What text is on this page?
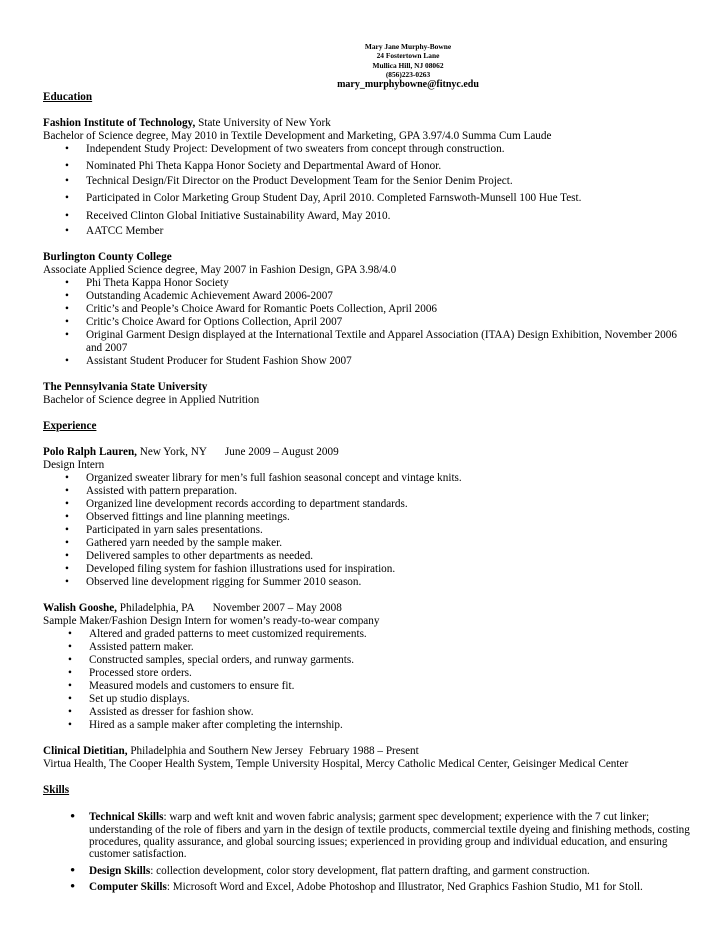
Mary Jane Murphy-Bowne
24 Fostertown Lane
Mullica Hill, NJ 08062
(856)223-0263
mary_murphybowne@fitnyc.edu

Education

Fashion Institute of Technology, State University of New York

Bachelor of Science degree, May 2010 in Textile Development and Marketing, GPA 3.97/4.0 Summa Cum Laude

• Independent Study Project: Development of two sweaters from concept through construction.
• Nominated Phi Theta Kappa Honor Society and Departmental Award of Honor.
• Technical Design/Fit Director on the Product Development Team for the Senior Denim Project.
• Participated in Color Marketing Group Student Day, April 2010. Completed Farnswoth-Munsell 100 Hue Test.
• Received Clinton Global Initiative Sustainability Award, May 2010.
• AATCC Member

Burlington County College

Associate Applied Science degree, May 2007 in Fashion Design, GPA 3.98/4.0

• Phi Theta Kappa Honor Society
• Outstanding Academic Achievement Award 2006-2007
• Critic’s and People’s Choice Award for Romantic Poets Collection, April 2006
• Critic’s Choice Award for Options Collection, April 2007
• Original Garment Design displayed at the International Textile and Apparel Association (ITAA) Design Exhibition, November 2006 and 2007
• Assistant Student Producer for Student Fashion Show 2007

The Pennsylvania State University

Bachelor of Science degree in Applied Nutrition

Experience

Polo Ralph Lauren, New York, NY June 2009 – August 2009

Design Intern

• Organized sweater library for men’s full fashion seasonal concept and vintage knits.
• Assisted with pattern preparation.
• Organized line development records according to department standards.
• Observed fittings and line planning meetings.
• Participated in yarn sales presentations.
• Gathered yarn needed by the sample maker.
• Delivered samples to other departments as needed.
• Developed filing system for fashion illustrations used for inspiration.
• Observed line development rigging for Summer 2010 season.

Walish Gooshe, Philadelphia, PA November 2007 – May 2008

Sample Maker/Fashion Design Intern for women’s ready-to-wear company

• Altered and graded patterns to meet customized requirements.
• Assisted pattern maker.
• Constructed samples, special orders, and runway garments.
• Processed store orders.
• Measured models and customers to ensure fit.
• Set up studio displays.
• Assisted as dresser for fashion show.
• Hired as a sample maker after completing the internship.

Clinical Dietitian, Philadelphia and Southern New Jersey February 1988 – Present

Virtua Health, The Cooper Health System, Temple University Hospital, Mercy Catholic Medical Center, Geisinger Medical Center

Skills

• Technical Skills: warp and weft knit and woven fabric analysis; garment spec development; experience with the 7 cut linker; understanding of the role of fibers and yarn in the design of textile products, commercial textile dyeing and finishing methods, costing procedures, quality assurance, and global sourcing issues; experienced in providing group and individual education, and ensuring customer satisfaction.
• Design Skills: collection development, color story development, flat pattern drafting, and garment construction.
• Computer Skills: Microsoft Word and Excel, Adobe Photoshop and Illustrator, Ned Graphics Fashion Studio, M1 for Stoll.
